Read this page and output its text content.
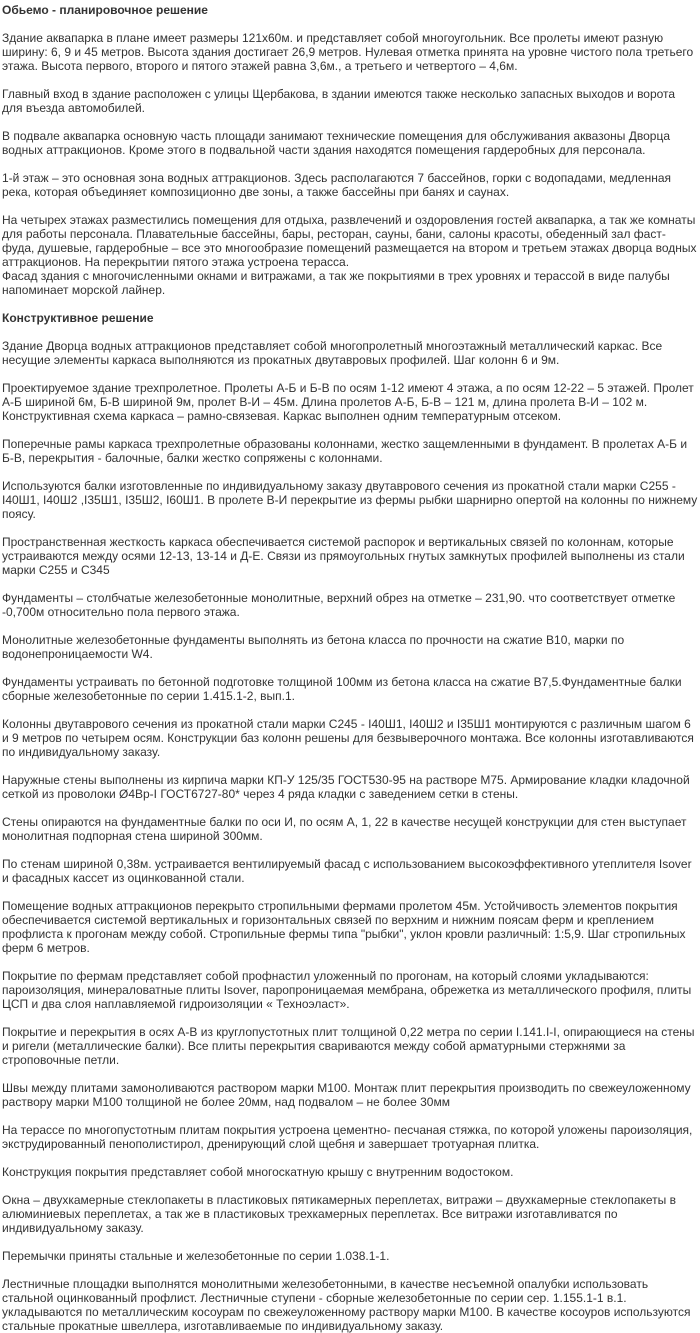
Обьемо - планировочное решение

Здание аквапарка в плане имеет размеры 121х60м. и представляет собой многоугольник. Все пролеты имеют разную ширину: 6, 9 и 45 метров. Высота здания достигает 26,9 метров. Нулевая отметка принята на уровне чистого пола третьего этажа. Высота первого, второго и пятого этажей равна 3,6м., а третьего и четвертого – 4,6м.

Главный вход в здание расположен с улицы Щербакова, в здании имеются также несколько запасных выходов и ворота для въезда автомобилей.

В подвале аквапарка основную часть площади занимают технические помещения для обслуживания аквазоны Дворца водных аттракционов. Кроме этого в подвальной части здания находятся помещения гардеробных для персонала.

1-й этаж – это основная зона водных аттракционов. Здесь располагаются 7 бассейнов, горки с водопадами, медленная река, которая объединяет композиционно две зоны, а также бассейны при банях и саунах.

На четырех этажах разместились помещения для отдыха, развлечений и оздоровления гостей аквапарка, а так же комнаты для работы персонала. Плавательные бассейны, бары, ресторан, сауны, бани, салоны красоты, обеденный зал фаст- фуда, душевые, гардеробные – все это многообразие помещений размещается на втором и третьем этажах дворца водных аттракционов. На перекрытии пятого этажа устроена терасса.

Фасад здания с многочисленными окнами и витражами, а так же покрытиями в трех уровнях и терассой в виде палубы напоминает морской лайнер.

Конструктивное решение

Здание Дворца водных аттракционов представляет собой многопролетный многоэтажный металлический каркас. Все несущие элементы каркаса выполняются из прокатных двутавровых профилей. Шаг колонн 6 и 9м.

Проектируемое здание трехпролетное. Пролеты А-Б и Б-В по осям 1-12 имеют 4 этажа, а по осям 12-22 – 5 этажей. Пролет А-Б шириной 6м, Б-В шириной 9м, пролет В-И – 45м. Длина пролетов А-Б, Б-В – 121 м, длина пролета В-И – 102 м. Конструктивная схема каркаса – рамно-связевая. Каркас выполнен одним температурным отсеком.

Поперечные рамы каркаса трехпролетные образованы колоннами, жестко защемленными в фундамент. В пролетах А-Б и Б-В, перекрытия - балочные, балки жестко сопряжены с колоннами.

Используются балки изготовленные по индивидуальному заказу двутаврового сечения из прокатной стали марки С255 - I40Ш1, I40Ш2 ,I35Ш1, I35Ш2, I60Ш1. В пролете В-И перекрытие из фермы рыбки шарнирно опертой на колонны по нижнему поясу.

Пространственная жесткость каркаса обеспечивается системой распорок и вертикальных связей по колоннам, которые устраиваются между осями 12-13, 13-14 и Д-Е. Связи из прямоугольных гнутых замкнутых профилей выполнены из стали марки С255 и С345

Фундаменты – столбчатые железобетонные монолитные, верхний обрез на отметке – 231,90. что соответствует отметке -0,700м относительно пола первого этажа.

Монолитные железобетонные фундаменты выполнять из бетона класса по прочности на сжатие В10, марки по водонепроницаемости W4.

Фундаменты устраивать по бетонной подготовке толщиной 100мм из бетона класса на сжатие В7,5.Фундаментные балки сборные железобетонные по серии 1.415.1-2, вып.1.

Колонны двутаврового сечения из прокатной стали марки С245 - I40Ш1, I40Ш2 и I35Ш1 монтируются с различным шагом 6 и 9 метров по четырем осям. Конструкции баз колонн решены для безвыверочного монтажа. Все колонны изготавливаются по индивидуальному заказу.

Наружные стены выполнены из кирпича марки КП-У 125/35 ГОСТ530-95 на растворе М75. Армирование кладки кладочной сеткой из проволоки Ø4Вр-I ГОСТ6727-80* через 4 ряда кладки с заведением сетки в стены.

Стены опираются на фундаментные балки по оси И, по осям А, 1, 22 в качестве несущей конструкции для стен выступает монолитная подпорная стена шириной 300мм.

По стенам шириной 0,38м. устраивается вентилируемый фасад с использованием высокоэффективного утеплителя Isover и фасадных кассет из оцинкованной стали.

Помещение водных аттракционов перекрыто стропильными фермами пролетом 45м. Устойчивость элементов покрытия обеспечивается системой вертикальных и горизонтальных связей по верхним и нижним поясам ферм и креплением профлиста к прогонам между собой. Стропильные фермы типа "рыбки", уклон кровли различный: 1:5,9. Шаг стропильных ферм 6 метров.

Покрытие по фермам представляет собой профнастил уложенный по прогонам, на который слоями укладываются: пароизоляция, минераловатные плиты Isover, паропроницаемая мембрана, обрежетка из металлического профиля, плиты ЦСП и два слоя наплавляемой гидроизоляции « Техноэласт».

Покрытие и перекрытия в осях А-В из круглопустотных плит толщиной 0,22 метра по серии I.141.I-I, опирающиеся на стены и ригели (металлические балки). Все плиты перекрытия свариваются между собой арматурными стержнями за строповочные петли.

Швы между плитами замоноливаются раствором марки М100. Монтаж плит перекрытия производить по свежеуложенному раствору марки М100 толщиной не более 20мм, над подвалом – не более 30мм

На терассе по многопустотным плитам покрытия устроена цементно- песчаная стяжка, по которой уложены пароизоляция, экструдированный пенополистирол, дренирующий слой щебня и завершает тротуарная плитка.

Конструкция покрытия представляет собой многоскатную крышу с внутренним водостоком.

Окна – двухкамерные стеклопакеты в пластиковых пятикамерных переплетах, витражи – двухкамерные стеклопакеты в алюминиевых переплетах, а так же в пластиковых трехкамерных переплетах. Все витражи изготавливатся по индивидуальному заказу.

Перемычки приняты стальные и железобетонные по серии 1.038.1-1.

Лестничные площадки выполнятся монолитными железобетонными, в качестве несъемной опалубки использовать стальной оцинкованный профлист. Лестничные ступени - сборные железобетонные по серии сер. 1.155.1-1 в.1. укладываются по металлическим косоурам по свежеуложенному раствору марки М100. В качестве косоуров используются стальные прокатные швеллера, изготавливаемые по индивидуальному заказу.
